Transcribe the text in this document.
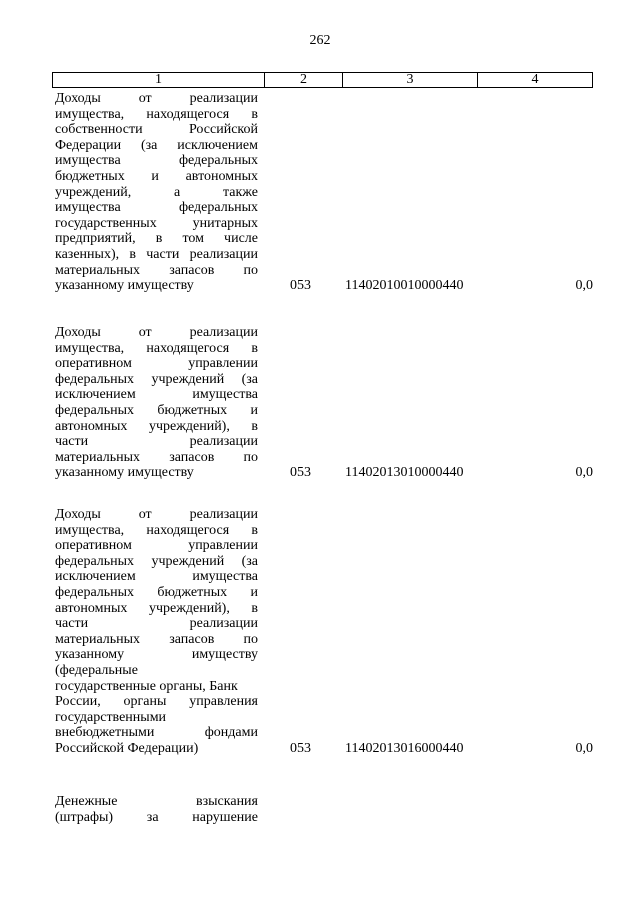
262
1	2	3	4
Доходы от реализации
имущества, находящегося в
собственности Российской
Федерации (за исключением
имущества федеральных
бюджетных и автономных
учреждений, а также
имущества федеральных
государственных унитарных
предприятий, в том числе
казенных), в части реализации
материальных запасов по
указанному имуществу	053 11402010010000440	0,0
Доходы от реализации
имущества, находящегося в
оперативном управлении
федеральных учреждений (за
исключением имущества
федеральных бюджетных и
автономных учреждений), в
части реализации
материальных запасов по
указанному имуществу	053 11402013010000440	0,0
Доходы от реализации
имущества, находящегося в
оперативном управлении
федеральных учреждений (за
исключением имущества
федеральных бюджетных и
автономных учреждений), в
части реализации
материальных запасов по
указанному имуществу
(федеральные
государственные органы, Банк
России, органы управления
государственными
внебюджетными фондами
Российской Федерации)	053 11402013016000440	0,0
Денежные взыскания
(штрафы) за нарушение
